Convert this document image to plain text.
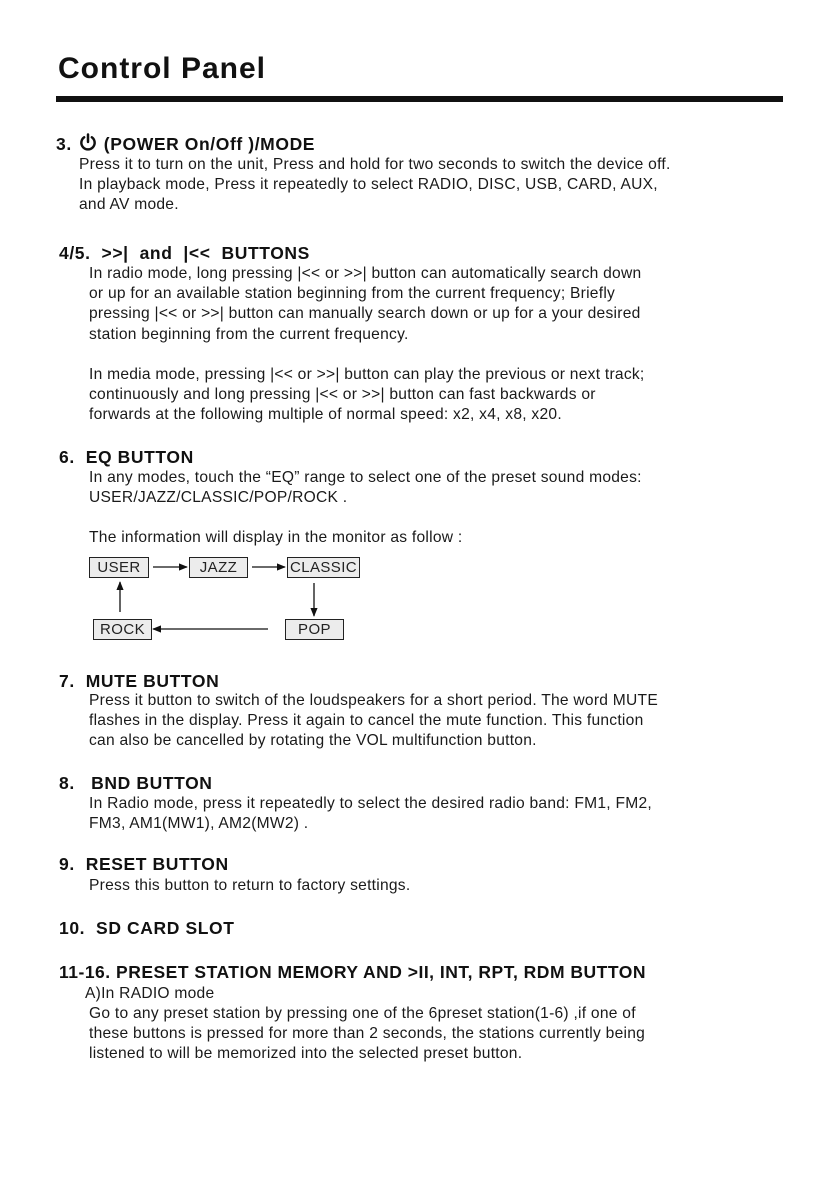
Control Panel
3. (POWER On/Off )/MODE

Press it to turn on the unit, Press and hold for two seconds to switch the device off.
In playback mode, Press it repeatedly to select RADIO, DISC, USB, CARD, AUX,
and AV mode.

4/5.  >>|  and  |<<  BUTTONS

In radio mode, long pressing |<< or >>| button can automatically search down
or up for an available station beginning from the current frequency; Briefly
pressing |<< or >>| button can manually search down or up for a your desired
station beginning from the current frequency.

In media mode, pressing |<< or >>| button can play the previous or next track;
continuously and long pressing |<< or >>| button can fast backwards or
forwards at the following multiple of normal speed: x2, x4, x8, x20.

6.  EQ BUTTON

In any modes, touch the “EQ” range to select one of the preset sound modes:
USER/JAZZ/CLASSIC/POP/ROCK .

The information will display in the monitor as follow :

USER	JAZZ	CLASSIC
ROCK	POP
7.  MUTE BUTTON

Press it button to switch of the loudspeakers for a short period. The word MUTE
flashes in the display. Press it again to cancel the mute function. This function
can also be cancelled by rotating the VOL multifunction button.

8.   BND BUTTON

In Radio mode, press it repeatedly to select the desired radio band: FM1, FM2,
FM3, AM1(MW1), AM2(MW2) .

9.  RESET BUTTON

Press this button to return to factory settings.

10.  SD CARD SLOT
11-16. PRESET STATION MEMORY AND >II, INT, RPT, RDM BUTTON

A)In RADIO mode

Go to any preset station by pressing one of the 6preset station(1-6) ,if one of
these buttons is pressed for more than 2 seconds, the stations currently being
listened to will be memorized into the selected preset button.
